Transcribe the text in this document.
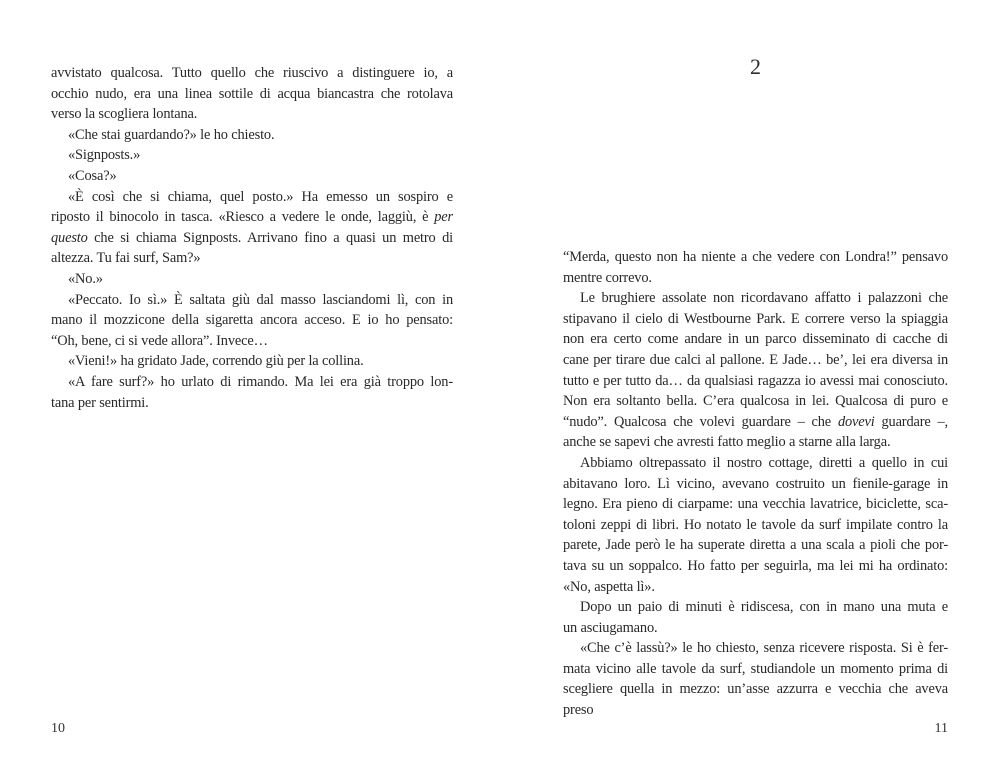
avvistato qualcosa. Tutto quello che riuscivo a distinguere io, a
occhio nudo, era una linea sottile di acqua biancastra che rotolava
verso la scogliera lontana.
«Che stai guardando?» le ho chiesto.
«Signposts.»
«Cosa?»
«È così che si chiama, quel posto.» Ha emesso un sospiro e
riposto il binocolo in tasca. «Riesco a vedere le onde, laggiù, è per
questo che si chiama Signposts. Arrivano fino a quasi un metro di
altezza. Tu fai surf, Sam?»
«No.»
«Peccato. Io sì.» È saltata giù dal masso lasciandomi lì, con in
mano il mozzicone della sigaretta ancora acceso. E io ho pensato:
“Oh, bene, ci si vede allora”. Invece…
«Vieni!» ha gridato Jade, correndo giù per la collina.
«A fare surf?» ho urlato di rimando. Ma lei era già troppo lon-
tana per sentirmi.
2
“Merda, questo non ha niente a che vedere con Londra!” pensavo
mentre correvo.
Le brughiere assolate non ricordavano affatto i palazzoni che
stipavano il cielo di Westbourne Park. E correre verso la spiaggia
non era certo come andare in un parco disseminato di cacche di
cane per tirare due calci al pallone. E Jade… be’, lei era diversa in
tutto e per tutto da… da qualsiasi ragazza io avessi mai conosciuto.
Non era soltanto bella. C’era qualcosa in lei. Qualcosa di puro e
“nudo”. Qualcosa che volevi guardare – che dovevi guardare –,
anche se sapevi che avresti fatto meglio a starne alla larga.
Abbiamo oltrepassato il nostro cottage, diretti a quello in cui
abitavano loro. Lì vicino, avevano costruito un fienile-garage in
legno. Era pieno di ciarpame: una vecchia lavatrice, biciclette, sca-
toloni zeppi di libri. Ho notato le tavole da surf impilate contro la
parete, Jade però le ha superate diretta a una scala a pioli che por-
tava su un soppalco. Ho fatto per seguirla, ma lei mi ha ordinato:
«No, aspetta lì».
Dopo un paio di minuti è ridiscesa, con in mano una muta e
un asciugamano.
«Che c’è lassù?» le ho chiesto, senza ricevere risposta. Si è fer-
mata vicino alle tavole da surf, studiandole un momento prima di
scegliere quella in mezzo: un’asse azzurra e vecchia che aveva preso
10	11
